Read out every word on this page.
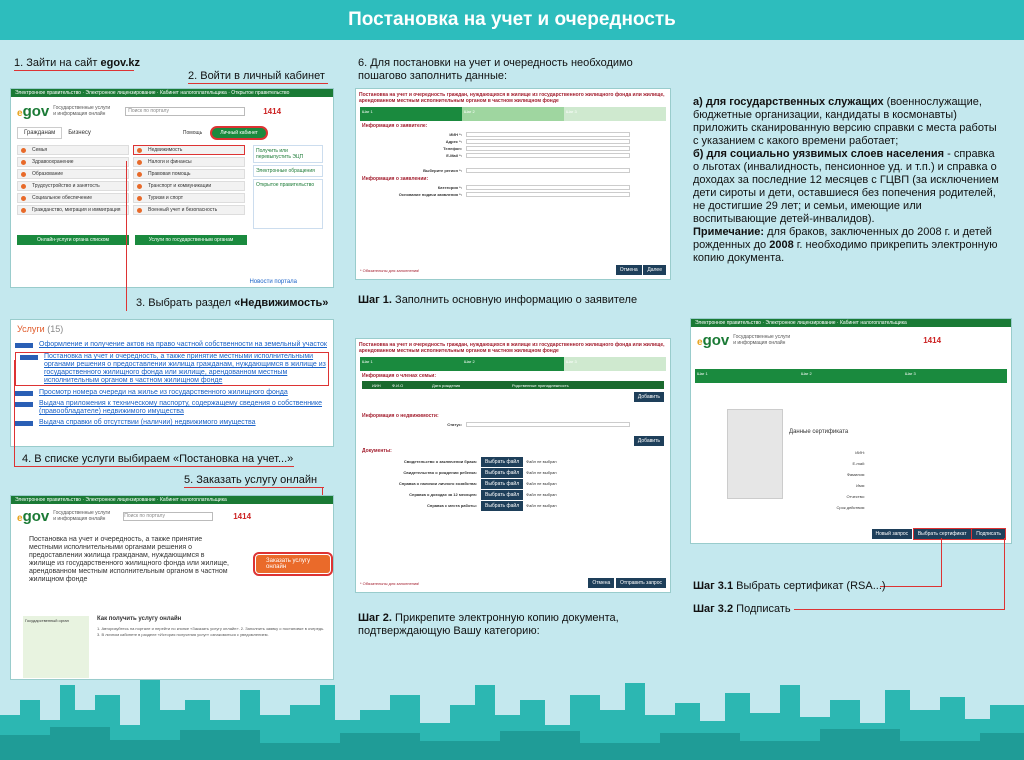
Постановка на учет и очередность
1. Зайти на сайт egov.kz
2. Войти в личный кабинет
Электронное правительство · Электронное лицензирование · Кабинет налогоплательщика · Открытое правительство
egov Государственные услуги и информация онлайн
Поиск по порталу	1414
Гражданам	Бизнесу	Помощь	Личный кабинет
Семья
Здравоохранение
Образование
Трудоустройство и занятость
Социальное обеспечение
Гражданство, миграция и иммиграция
Недвижимость
Налоги и финансы
Правовая помощь
Транспорт и коммуникации
Туризм и спорт
Военный учет и безопасность
Получить или перевыпустить ЭЦП
Электронные обращения
Открытое правительство
Онлайн-услуги органа списком	Услуги по государственным органам
Новости портала
3. Выбрать раздел «Недвижимость»
Услуги (15)
Оформление и получение актов на право частной собственности на земельный участок
Постановка на учет и очередность, а также принятие местными исполнительными органами решения о предоставлении жилища гражданам, нуждающимся в жилище из государственного жилищного фонда или жилище, арендованном местным исполнительным органом в частном жилищном фонде
Просмотр номера очереди на жилье из государственного жилищного фонда
Выдача приложения к техническому паспорту, содержащему сведения о собственнике (правообладателе) недвижимого имущества
Выдача справки об отсутствии (наличии) недвижимого имущества
4. В списке услуги выбираем «Постановка на учет...»
5. Заказать услугу онлайн
Электронное правительство · Электронное лицензирование · Кабинет налогоплательщика
egov Государственные услуги и информация онлайн
Поиск по порталу	1414
Постановка на учет и очередность, а также принятие местными исполнительными органами решения о предоставлении жилища гражданам, нуждающимся в жилище из государственного жилищного фонда или жилище, арендованном местным исполнительным органом в частном жилищном фонде
Заказать услугу онлайн
Государственный орган	Как получить услугу онлайн
1. Авторизуйтесь на портале и перейти по кнопке «Заказать услугу онлайн». 2. Заполнить заявку о постановке в очередь. 3. В личном кабинете в разделе «История получения услуг» ознакомиться с уведомлением.
6. Для постановки на учет и очередность необходимо пошагово заполнить данные:
Постановка на учет и очередность граждан, нуждающихся в жилище из государственного жилищного фонда или жилище, арендованном местным исполнительным органом в частном жилищном фонде
Шаг 1	Шаг 2	Шаг 3
Информация о заявителе:
ИИН *:
Адрес *:
Телефон:
E-Mail *:
Выберите регион *:
Информация о заявлении:
Категория *:
Основание подачи заявления *:
* Обязательны для заполнения!	Отмена Далее
Шаг 1. Заполнить основную информацию о заявителе
а) для государственных служащих (военнослужащие, бюджетные организации, кандидаты в космонавты) приложить сканированную версию справки с места работы с указанием с какого времени работает;
б) для социально уязвимых слоев населения - справка о льготах (инвалидность, пенсионное уд. и т.п.) и справка о доходах за последние 12 месяцев с ГЦВП (за исключением дети сироты и дети, оставшиеся без попечения родителей, не достигшие 29 лет; и семьи, имеющие или воспитывающие детей-инвалидов).
Примечание: для браков, заключенных до 2008 г. и детей рожденных до 2008 г. необходимо прикрепить электронную копию документа.
Постановка на учет и очередность граждан, нуждающихся в жилище из государственного жилищного фонда или жилище, арендованном местным исполнительным органом в частном жилищном фонде
Шаг 1	Шаг 2	Шаг 3
Информация о членах семьи:
ИИН	Ф.И.О	Дата рождения	Родственные принадлежность
Добавить
Информация о недвижимости:
Статус:
Добавить
Документы:
Свидетельство о заключении брака:	Выбрать файл	Файл не выбран
Свидетельство о рождении ребенка:	Выбрать файл	Файл не выбран
Справка о наличии личного хозяйства:	Выбрать файл	Файл не выбран
Справка о доходах за 12 месяцев:	Выбрать файл	Файл не выбран
Справка с места работы:	Выбрать файл	Файл не выбран
* Обязательны для заполнения!	Отмена Отправить запрос
Шаг 2. Прикрепите электронную копию документа, подтверждающую Вашу категорию:
Электронное правительство · Электронное лицензирование · Кабинет налогоплательщика
egov Государственные услуги и информация онлайн	1414
Шаг 1	Шаг 2	Шаг 3
Данные сертификата
ИИН:
E-mail:
Фамилия:
Имя:
Отчество:
Срок действия:
Новый запрос Выбрать сертификат Подписать
Шаг 3.1 Выбрать сертификат (RSA...)
Шаг 3.2 Подписать
